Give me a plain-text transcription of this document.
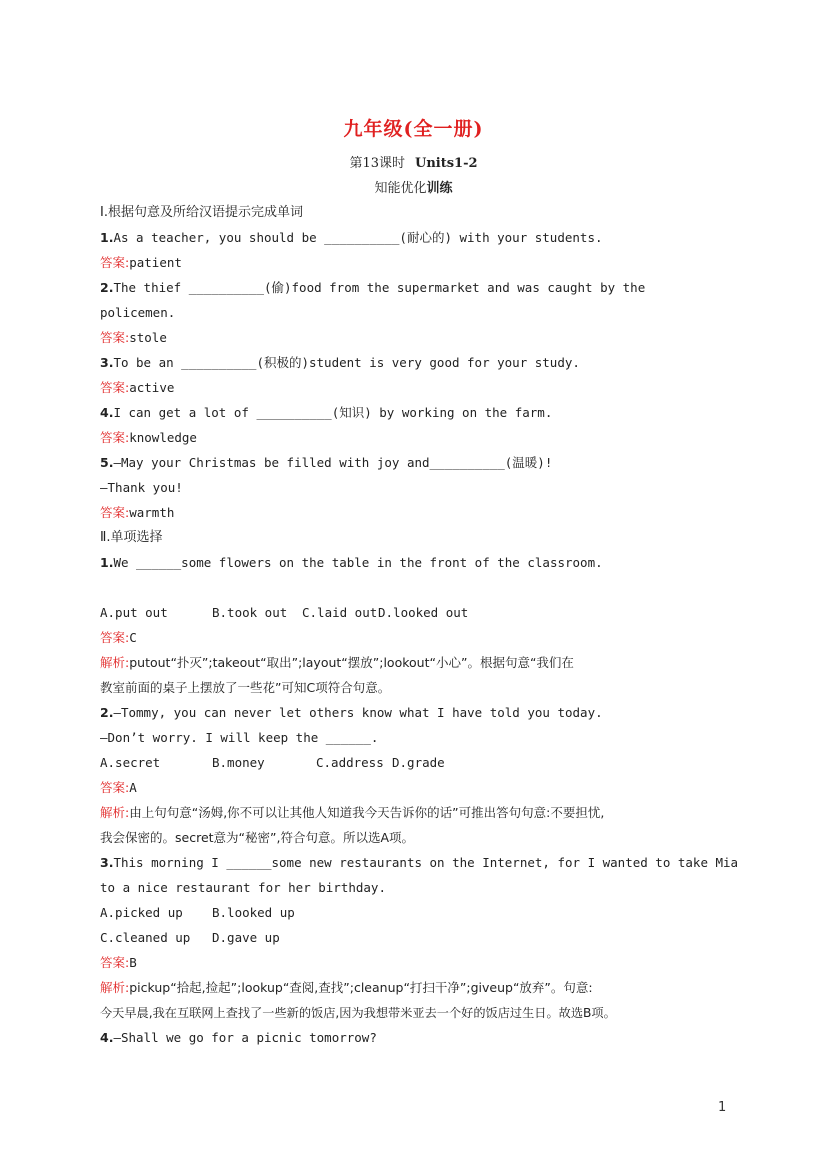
九年级(全一册)
第13课时 Units1-2
知能优化训练
Ⅰ.根据句意及所给汉语提示完成单词
1.As a teacher, you should be __________(耐心的) with your students.
答案:patient
2.The thief __________(偷)food from the supermarket and was caught by the
policemen.
答案:stole
3.To be an __________(积极的)student is very good for your study.
答案:active
4.I can get a lot of __________(知识) by working on the farm.
答案:knowledge
5.—May your Christmas be filled with joy and__________(温暖)!
—Thank you!
答案:warmth
Ⅱ.单项选择
1.We ______some flowers on the table in the front of the classroom.
A.put out	B.took out C.laid outD.looked out
答案:C
解析:putout“扑灭”;takeout“取出”;layout“摆放”;lookout“小心”。根据句意“我们在
教室前面的桌子上摆放了一些花”可知C项符合句意。
2.—Tommy, you can never let others know what I have told you today.
—Don’t worry. I will keep the ______.
A.secret	B.money	C.address D.grade
答案:A
解析:由上句句意“汤姆,你不可以让其他人知道我今天告诉你的话”可推出答句句意:不要担忧,
我会保密的。secret意为“秘密”,符合句意。所以选A项。
3.This morning I ______some new restaurants on the Internet, for I wanted to take Mia
to a nice restaurant for her birthday.
A.picked up B.looked up
C.cleaned up D.gave up
答案:B
解析:pickup“拾起,捡起”;lookup“查阅,查找”;cleanup“打扫干净”;giveup“放弃”。句意:
今天早晨,我在互联网上查找了一些新的饭店,因为我想带米亚去一个好的饭店过生日。故选B项。
4.—Shall we go for a picnic tomorrow?
1
